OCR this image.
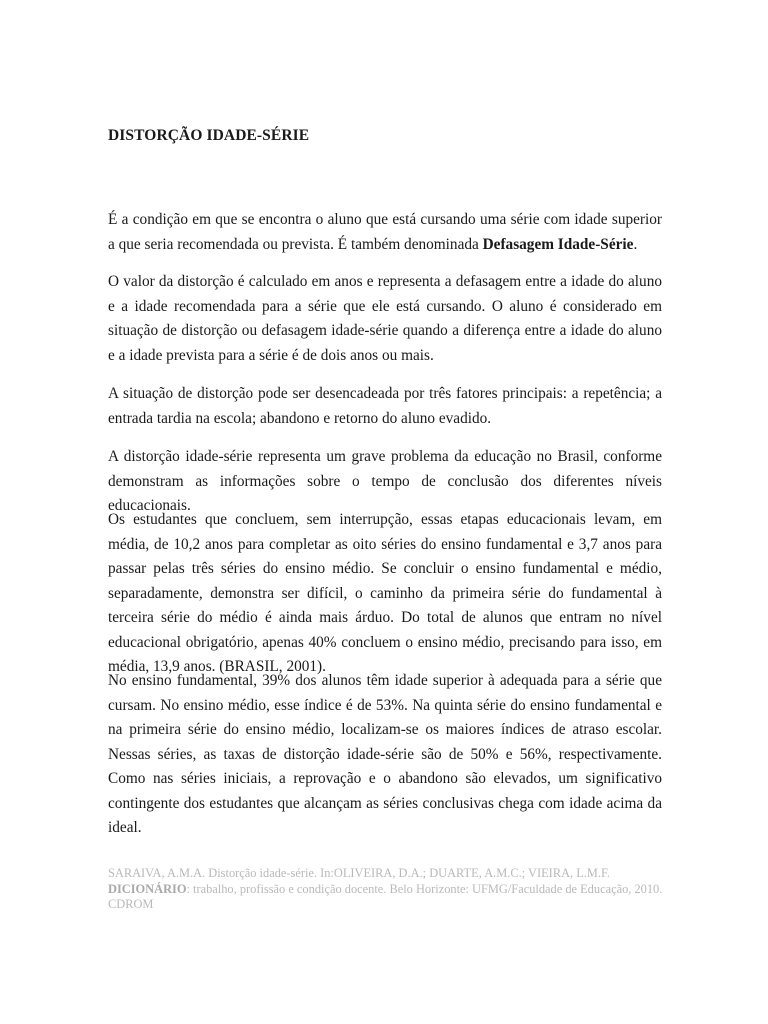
DISTORÇÃO IDADE-SÉRIE

É a condição em que se encontra o aluno que está cursando uma série com idade superior a que seria recomendada ou prevista. É também denominada Defasagem Idade-Série.

O valor da distorção é calculado em anos e representa a defasagem entre a idade do aluno e a idade recomendada para a série que ele está cursando. O aluno é considerado em situação de distorção ou defasagem idade-série quando a diferença entre a idade do aluno e a idade prevista para a série é de dois anos ou mais.

A situação de distorção pode ser desencadeada por três fatores principais: a repetência; a entrada tardia na escola; abandono e retorno do aluno evadido.

A distorção idade-série representa um grave problema da educação no Brasil, conforme demonstram as informações sobre o tempo de conclusão dos diferentes níveis educacionais.

Os estudantes que concluem, sem interrupção, essas etapas educacionais levam, em média, de 10,2 anos para completar as oito séries do ensino fundamental e 3,7 anos para passar pelas três séries do ensino médio. Se concluir o ensino fundamental e médio, separadamente, demonstra ser difícil, o caminho da primeira série do fundamental à terceira série do médio é ainda mais árduo. Do total de alunos que entram no nível educacional obrigatório, apenas 40% concluem o ensino médio, precisando para isso, em média, 13,9 anos. (BRASIL, 2001).

No ensino fundamental, 39% dos alunos têm idade superior à adequada para a série que cursam. No ensino médio, esse índice é de 53%. Na quinta série do ensino fundamental e na primeira série do ensino médio, localizam-se os maiores índices de atraso escolar. Nessas séries, as taxas de distorção idade-série são de 50% e 56%, respectivamente. Como nas séries iniciais, a reprovação e o abandono são elevados, um significativo contingente dos estudantes que alcançam as séries conclusivas chega com idade acima da ideal.

SARAIVA, A.M.A. Distorção idade-série. In:OLIVEIRA, D.A.; DUARTE, A.M.C.; VIEIRA, L.M.F.
DICIONÁRIO: trabalho, profissão e condição docente. Belo Horizonte: UFMG/Faculdade de Educação, 2010. CDROM
